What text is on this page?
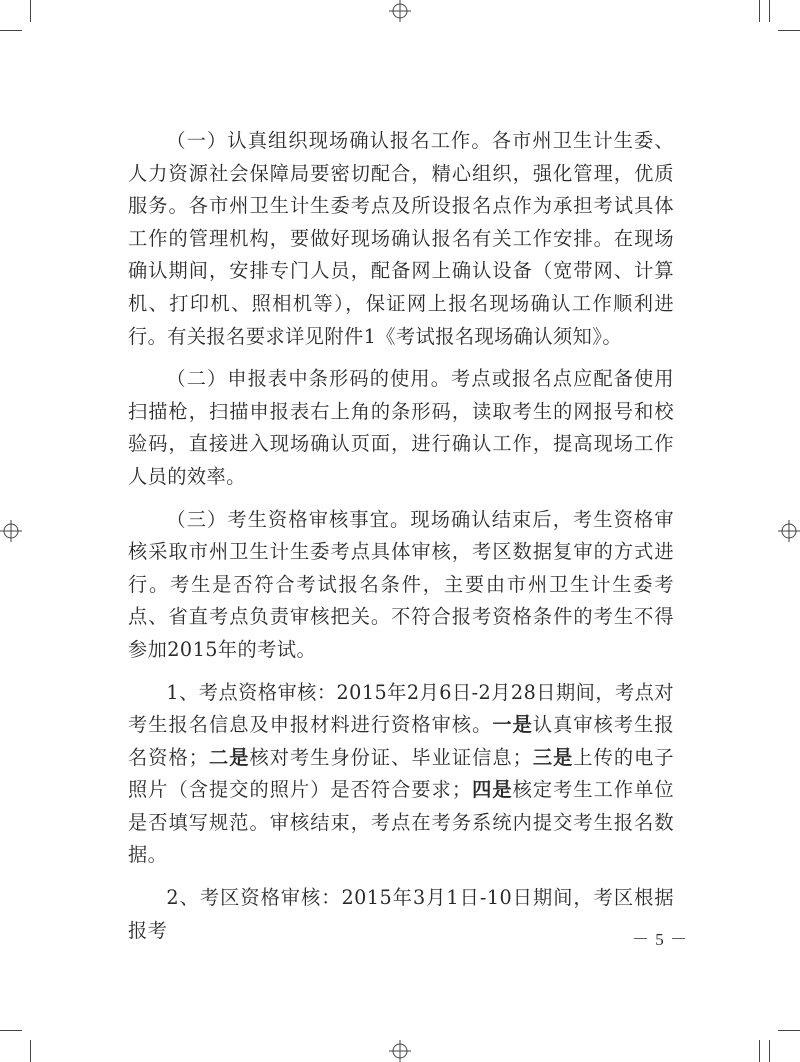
（一）认真组织现场确认报名工作。各市州卫生计生委、人力资源社会保障局要密切配合，精心组织，强化管理，优质服务。各市州卫生计生委考点及所设报名点作为承担考试具体工作的管理机构，要做好现场确认报名有关工作安排。在现场确认期间，安排专门人员，配备网上确认设备（宽带网、计算机、打印机、照相机等），保证网上报名现场确认工作顺利进行。有关报名要求详见附件1《考试报名现场确认须知》。

（二）申报表中条形码的使用。考点或报名点应配备使用扫描枪，扫描申报表右上角的条形码，读取考生的网报号和校验码，直接进入现场确认页面，进行确认工作，提高现场工作人员的效率。

（三）考生资格审核事宜。现场确认结束后，考生资格审核采取市州卫生计生委考点具体审核，考区数据复审的方式进行。考生是否符合考试报名条件，主要由市州卫生计生委考点、省直考点负责审核把关。不符合报考资格条件的考生不得参加2015年的考试。

1、考点资格审核：2015年2月6日-2月28日期间，考点对考生报名信息及申报材料进行资格审核。一是认真审核考生报名资格；二是核对考生身份证、毕业证信息；三是上传的电子照片（含提交的照片）是否符合要求；四是核定考生工作单位是否填写规范。审核结束，考点在考务系统内提交考生报名数据。

2、考区资格审核：2015年3月1日-10日期间，考区根据报考	－ 5 －
